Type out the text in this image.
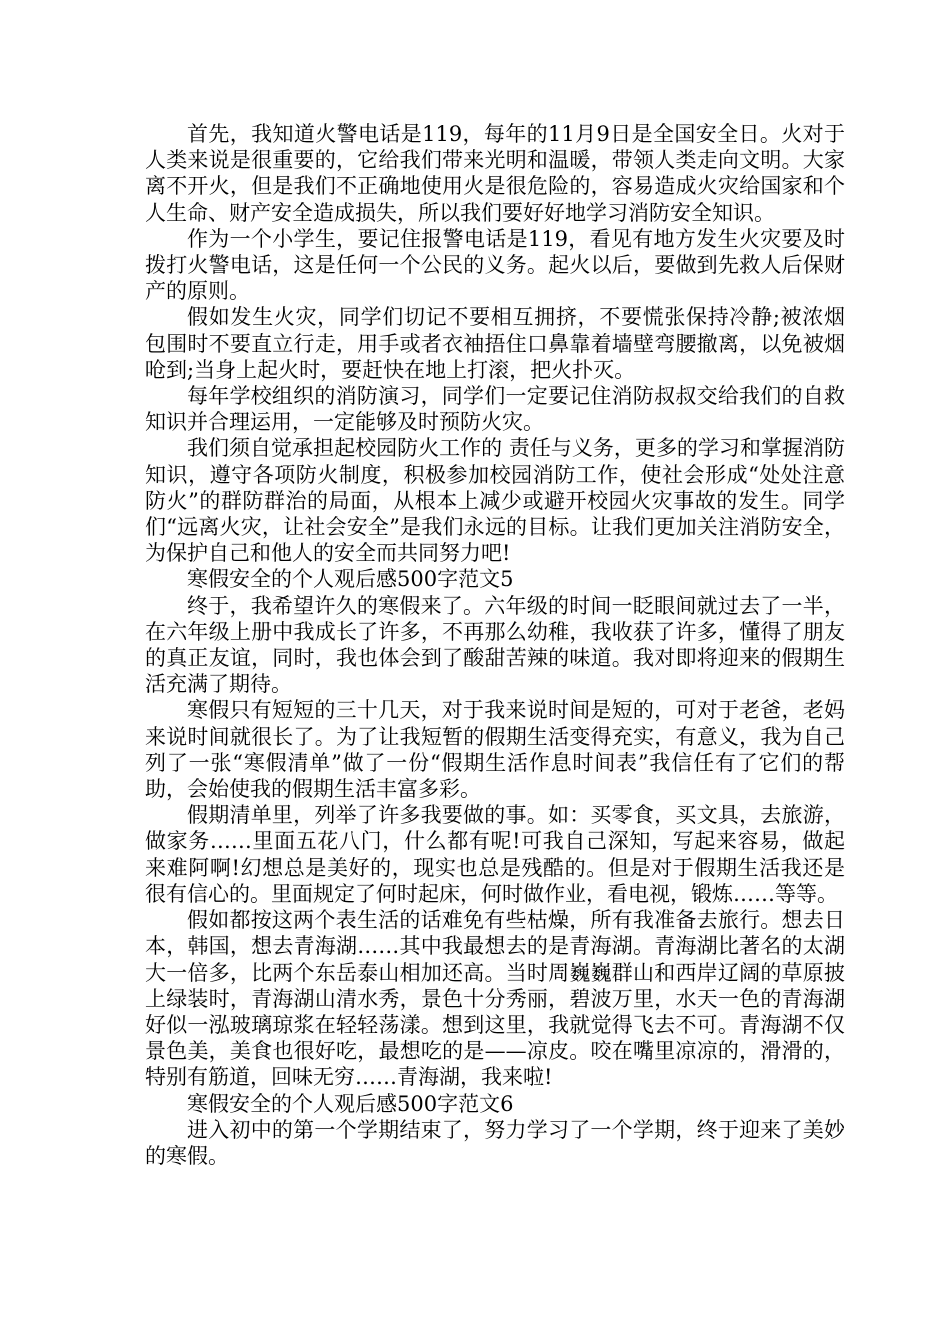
首先，我知道火警电话是119，每年的11月9日是全国安全日。火对于人类来说是很重要的，它给我们带来光明和温暖，带领人类走向文明。大家离不开火，但是我们不正确地使用火是很危险的，容易造成火灾给国家和个人生命、财产安全造成损失，所以我们要好好地学习消防安全知识。

作为一个小学生，要记住报警电话是119，看见有地方发生火灾要及时拨打火警电话，这是任何一个公民的义务。起火以后，要做到先救人后保财产的原则。

假如发生火灾，同学们切记不要相互拥挤，不要慌张保持冷静;被浓烟包围时不要直立行走，用手或者衣袖捂住口鼻靠着墙壁弯腰撤离，以免被烟呛到;当身上起火时，要赶快在地上打滚，把火扑灭。

每年学校组织的消防演习，同学们一定要记住消防叔叔交给我们的自救知识并合理运用，一定能够及时预防火灾。

我们须自觉承担起校园防火工作的 责任与义务，更多的学习和掌握消防知识，遵守各项防火制度，积极参加校园消防工作，使社会形成“处处注意防火”的群防群治的局面，从根本上减少或避开校园火灾事故的发生。同学们“远离火灾，让社会安全”是我们永远的目标。让我们更加关注消防安全，为保护自己和他人的安全而共同努力吧!

寒假安全的个人观后感500字范文5

终于，我希望许久的寒假来了。六年级的时间一眨眼间就过去了一半，在六年级上册中我成长了许多，不再那么幼稚，我收获了许多，懂得了朋友的真正友谊，同时，我也体会到了酸甜苦辣的味道。我对即将迎来的假期生活充满了期待。

寒假只有短短的三十几天，对于我来说时间是短的，可对于老爸，老妈来说时间就很长了。为了让我短暂的假期生活变得充实，有意义，我为自己列了一张“寒假清单”做了一份“假期生活作息时间表”我信任有了它们的帮助，会始使我的假期生活丰富多彩。

假期清单里，列举了许多我要做的事。如：买零食，买文具，去旅游，做家务……里面五花八门，什么都有呢!可我自己深知，写起来容易，做起来难阿啊!幻想总是美好的，现实也总是残酷的。但是对于假期生活我还是很有信心的。里面规定了何时起床，何时做作业，看电视，锻炼……等等。

假如都按这两个表生活的话难免有些枯燥，所有我准备去旅行。想去日本，韩国，想去青海湖……其中我最想去的是青海湖。青海湖比著名的太湖大一倍多，比两个东岳泰山相加还高。当时周巍巍群山和西岸辽阔的草原披上绿装时，青海湖山清水秀，景色十分秀丽，碧波万里，水天一色的青海湖好似一泓玻璃琼浆在轻轻荡漾。想到这里，我就觉得飞去不可。青海湖不仅景色美，美食也很好吃，最想吃的是——凉皮。咬在嘴里凉凉的，滑滑的，特别有筋道，回味无穷……青海湖，我来啦!

寒假安全的个人观后感500字范文6

进入初中的第一个学期结束了，努力学习了一个学期，终于迎来了美妙的寒假。
